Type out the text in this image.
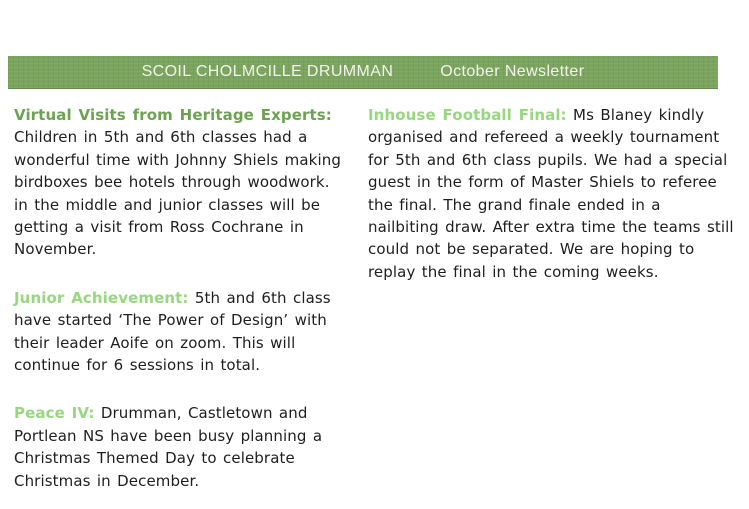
SCOIL CHOLMCILLE DRUMMAN	October Newsletter

Virtual Visits from Heritage Experts: Children in 5th and 6th classes had a wonderful time with Johnny Shiels making birdboxes bee hotels through woodwork.  in the middle and junior classes will be getting a visit from Ross Cochrane in November.

Junior Achievement: 5th and 6th class have started ‘The Power of Design’ with their leader Aoife on zoom. This will continue for 6 sessions in total.

Peace IV: Drumman, Castletown and Portlean NS have been busy planning a Christmas Themed Day to celebrate Christmas in December.

Inhouse Football Final: Ms Blaney kindly organised and refereed a weekly tournament for 5th and 6th class pupils. We had a special guest in the form of Master Shiels to referee the final. The grand finale ended in a nailbiting draw. After extra time the teams still could not be separated. We are hoping to replay the final in the coming weeks.
